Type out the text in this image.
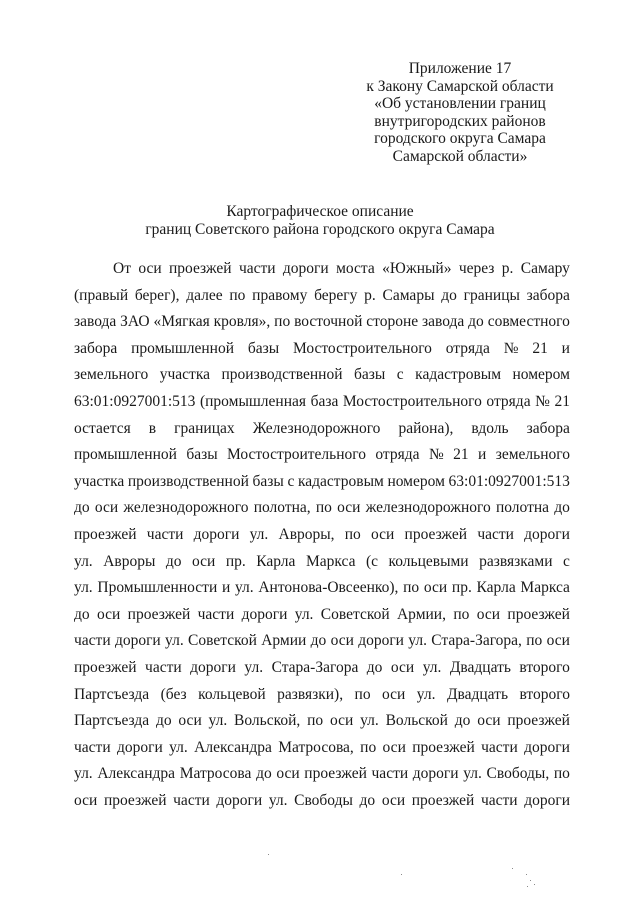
Приложение 17
к Закону Самарской области
«Об установлении границ
внутригородских районов
городского округа Самара
Самарской области»
Картографическое описание
границ Советского района городского округа Самара
От оси проезжей части дороги моста «Южный» через р. Самару
(правый берег), далее по правому берегу р. Самары до границы забора
завода ЗАО «Мягкая кровля», по восточной стороне завода до совместного
забора промышленной базы Мостостроительного отряда № 21 и
земельного участка производственной базы с кадастровым номером
63:01:0927001:513 (промышленная база Мостостроительного отряда № 21
остается в границах Железнодорожного района), вдоль забора
промышленной базы Мостостроительного отряда № 21 и земельного
участка производственной базы с кадастровым номером 63:01:0927001:513
до оси железнодорожного полотна, по оси железнодорожного полотна до
проезжей части дороги ул. Авроры, по оси проезжей части дороги
ул. Авроры до оси пр. Карла Маркса (с кольцевыми развязками с
ул. Промышленности и ул. Антонова-Овсеенко), по оси пр. Карла Маркса
до оси проезжей части дороги ул. Советской Армии, по оси проезжей
части дороги ул. Советской Армии до оси дороги ул. Стара-Загора, по оси
проезжей части дороги ул. Стара-Загора до оси ул. Двадцать второго
Партсъезда (без кольцевой развязки), по оси ул. Двадцать второго
Партсъезда до оси ул. Вольской, по оси ул. Вольской до оси проезжей
части дороги ул. Александра Матросова, по оси проезжей части дороги
ул. Александра Матросова до оси проезжей части дороги ул. Свободы, по
оси проезжей части дороги ул. Свободы до оси проезжей части дороги
